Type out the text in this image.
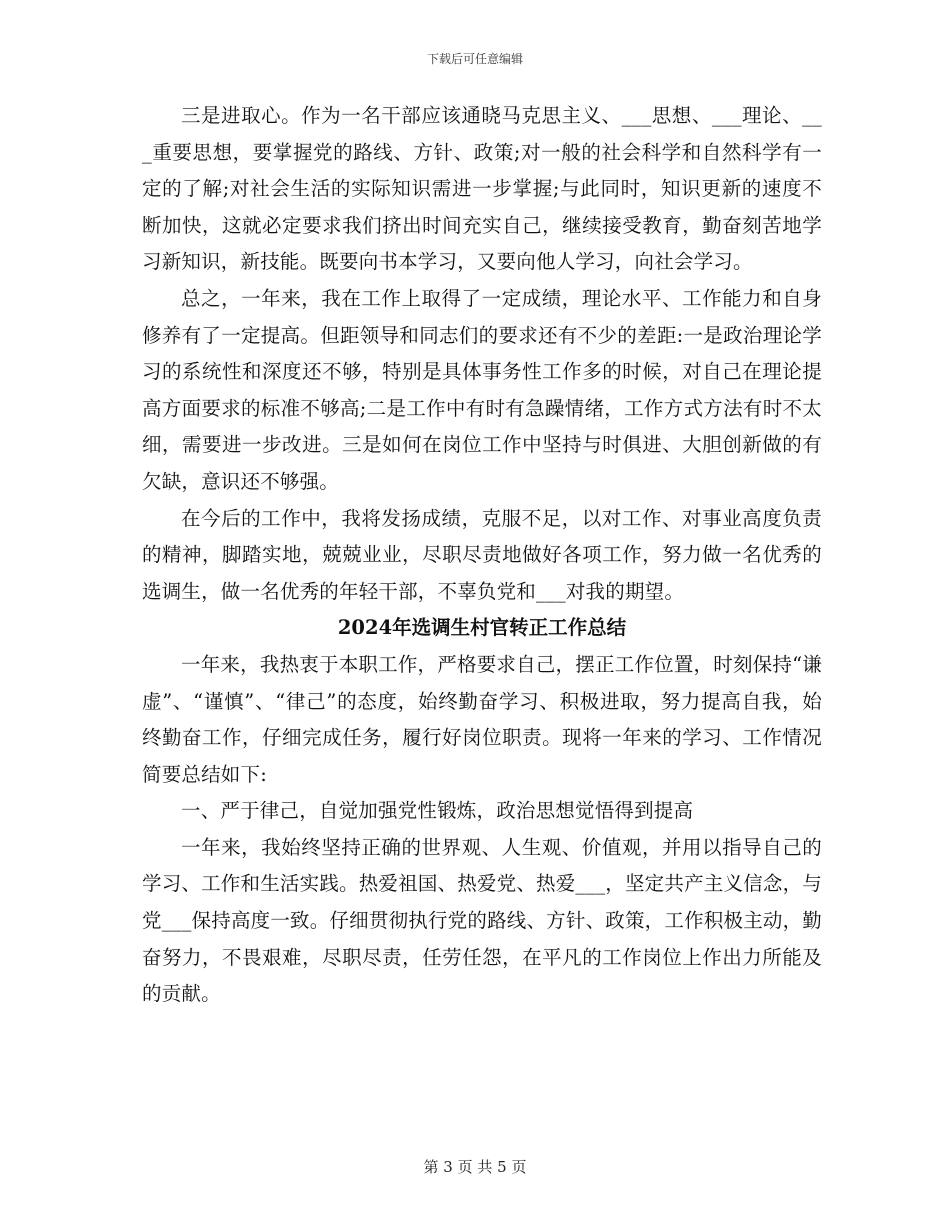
下载后可任意编辑

三是进取心。作为一名干部应该通晓马克思主义、___思想、___理论、___重要思想，要掌握党的路线、方针、政策;对一般的社会科学和自然科学有一定的了解;对社会生活的实际知识需进一步掌握;与此同时，知识更新的速度不断加快，这就必定要求我们挤出时间充实自己，继续接受教育，勤奋刻苦地学习新知识，新技能。既要向书本学习，又要向他人学习，向社会学习。

总之，一年来，我在工作上取得了一定成绩，理论水平、工作能力和自身修养有了一定提高。但距领导和同志们的要求还有不少的差距:一是政治理论学习的系统性和深度还不够，特别是具体事务性工作多的时候，对自己在理论提高方面要求的标准不够高;二是工作中有时有急躁情绪，工作方式方法有时不太细，需要进一步改进。三是如何在岗位工作中坚持与时俱进、大胆创新做的有欠缺，意识还不够强。

在今后的工作中，我将发扬成绩，克服不足，以对工作、对事业高度负责的精神，脚踏实地，兢兢业业，尽职尽责地做好各项工作，努力做一名优秀的选调生，做一名优秀的年轻干部，不辜负党和___对我的期望。

2024年选调生村官转正工作总结

一年来，我热衷于本职工作，严格要求自己，摆正工作位置，时刻保持“谦虚”、“谨慎”、“律己”的态度，始终勤奋学习、积极进取，努力提高自我，始终勤奋工作，仔细完成任务，履行好岗位职责。现将一年来的学习、工作情况简要总结如下:

一、严于律己，自觉加强党性锻炼，政治思想觉悟得到提高

一年来，我始终坚持正确的世界观、人生观、价值观，并用以指导自己的学习、工作和生活实践。热爱祖国、热爱党、热爱___，坚定共产主义信念，与党___保持高度一致。仔细贯彻执行党的路线、方针、政策，工作积极主动，勤奋努力，不畏艰难，尽职尽责，任劳任怨，在平凡的工作岗位上作出力所能及的贡献。

第 3 页 共 5 页
